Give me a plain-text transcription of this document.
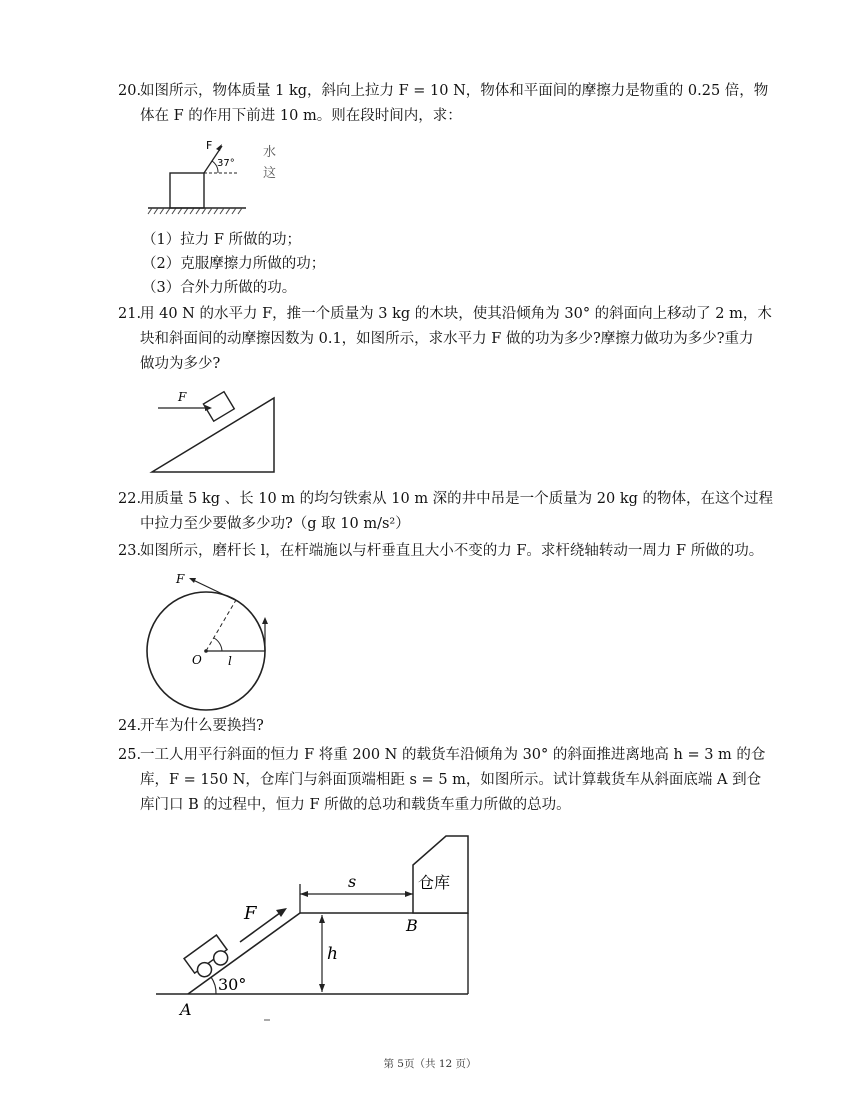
20.
如图所示，物体质量 1 kg，斜向上拉力 F = 10 N，物体和平面间的摩擦力是物重的 0.25 倍，物
体在 F 的作用下前进 10 m。则在段时间内，求：
F
37°
水
这
（1）拉力 F 所做的功；
（2）克服摩擦力所做的功；
（3）合外力所做的功。
21.
用 40 N 的水平力 F，推一个质量为 3 kg 的木块，使其沿倾角为 30° 的斜面向上移动了 2 m，木
块和斜面间的动摩擦因数为 0.1，如图所示，求水平力 F 做的功为多少?摩擦力做功为多少?重力
做功为多少?
F
22.
用质量 5 kg 、长 10 m 的均匀铁索从 10 m 深的井中吊是一个质量为 20 kg 的物体，在这个过程
中拉力至少要做多少功?（g 取 10 m/s²）
23.
如图所示，磨杆长 l，在杆端施以与杆垂直且大小不变的力 F。求杆绕轴转动一周力 F 所做的功。
F
O l
24.
开车为什么要换挡?
25.
一工人用平行斜面的恒力 F 将重 200 N 的载货车沿倾角为 30° 的斜面推进离地高 h = 3 m 的仓
库，F = 150 N，仓库门与斜面顶端相距 s = 5 m，如图所示。试计算载货车从斜面底端 A 到仓
库门口 B 的过程中，恒力 F 所做的总功和载货车重力所做的总功。
仓库
s
h
B
F
30°
A
第 5页（共 12 页）
